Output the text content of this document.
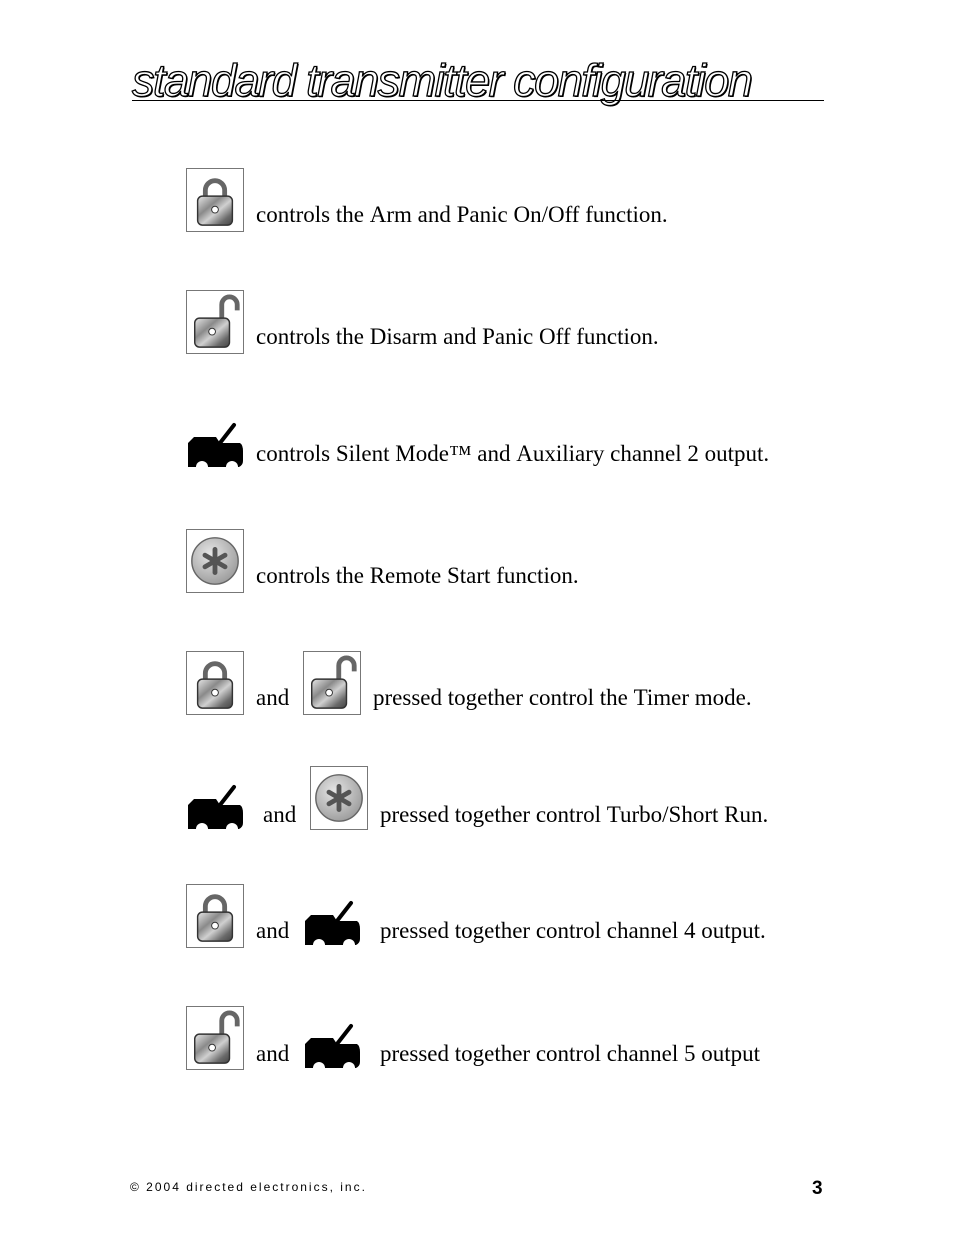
standard transmitter configuration
controls the Arm and Panic On/Off function.
controls the Disarm and Panic Off function.
controls Silent Mode™ and Auxiliary channel 2 output.
controls the Remote Start function.
and	pressed together control the Timer mode.
and	pressed together control Turbo/Short Run.
and	pressed together control channel 4 output.
and	pressed together control channel 5 output
© 2004 directed electronics, inc.	3
